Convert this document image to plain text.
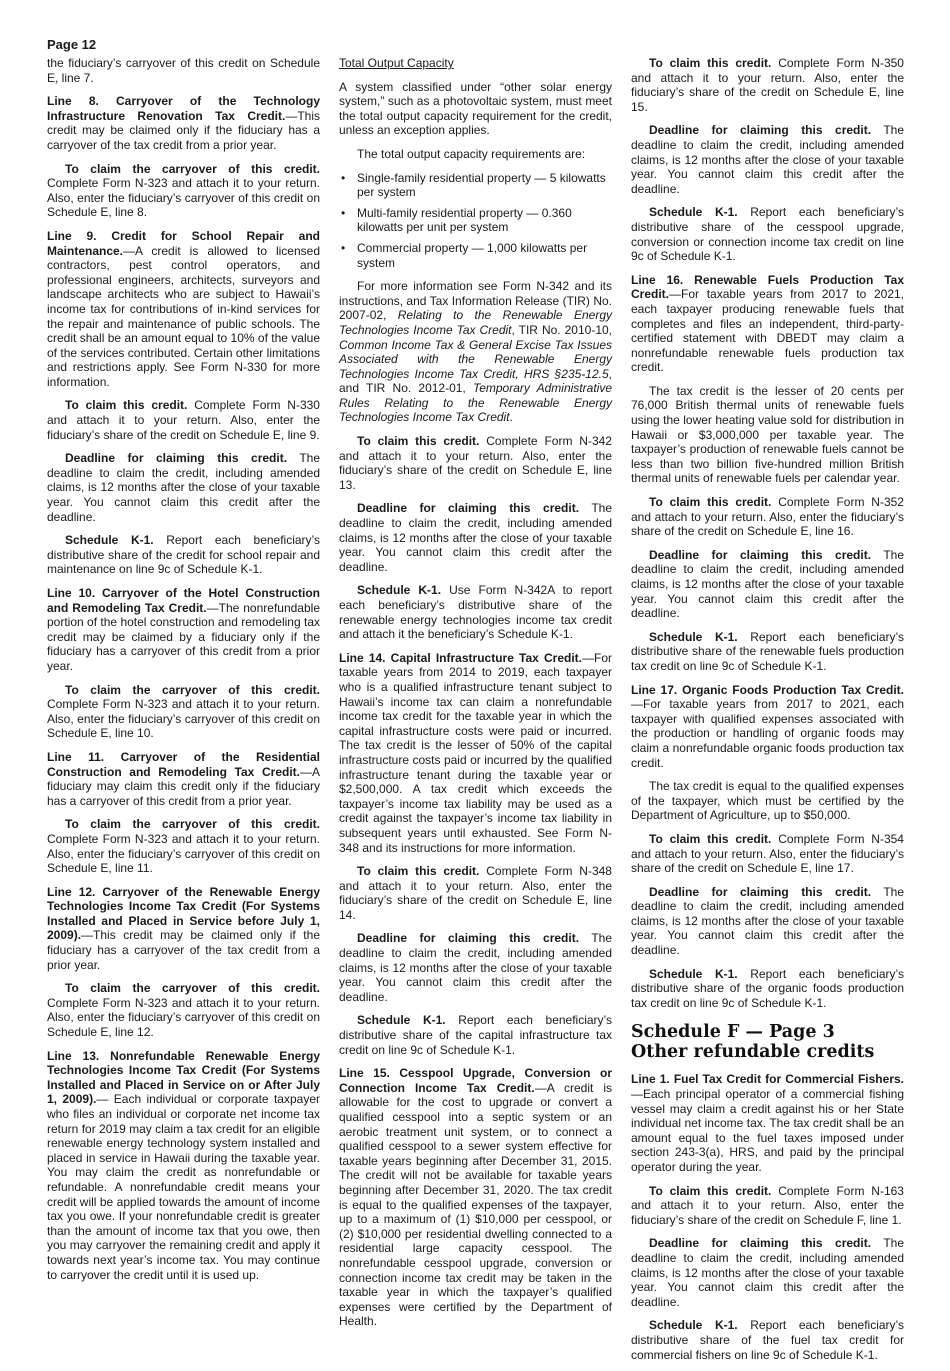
Page 12

the fiduciary’s carryover of this credit on Schedule E, line 7.

Line 8. Carryover of the Technology Infrastructure Renovation Tax Credit.—This credit may be claimed only if the fiduciary has a carryover of the tax credit from a prior year.

To claim the carryover of this credit. Complete Form N-323 and attach it to your return. Also, enter the fiduciary’s carryover of this credit on Schedule E, line 8.

Line 9. Credit for School Repair and Maintenance.—A credit is allowed to licensed contractors, pest control operators, and professional engineers, architects, surveyors and landscape architects who are subject to Hawaii’s income tax for contributions of in-kind services for the repair and maintenance of public schools. The credit shall be an amount equal to 10% of the value of the services contributed. Certain other limitations and restrictions apply. See Form N-330 for more information.

To claim this credit. Complete Form N-330 and attach it to your return. Also, enter the fiduciary’s share of the credit on Schedule E, line 9.

Deadline for claiming this credit. The deadline to claim the credit, including amended claims, is 12 months after the close of your taxable year. You cannot claim this credit after the deadline.

Schedule K-1. Report each beneficiary’s distributive share of the credit for school repair and maintenance on line 9c of Schedule K-1.

Line 10. Carryover of the Hotel Construction and Remodeling Tax Credit.—The nonrefundable portion of the hotel construction and remodeling tax credit may be claimed by a fiduciary only if the fiduciary has a carryover of this credit from a prior year.

To claim the carryover of this credit. Complete Form N-323 and attach it to your return. Also, enter the fiduciary’s carryover of this credit on Schedule E, line 10.

Line 11. Carryover of the Residential Construction and Remodeling Tax Credit.—A fiduciary may claim this credit only if the fiduciary has a carryover of this credit from a prior year.

To claim the carryover of this credit. Complete Form N-323 and attach it to your return. Also, enter the fiduciary’s carryover of this credit on Schedule E, line 11.

Line 12. Carryover of the Renewable Energy Technologies Income Tax Credit (For Systems Installed and Placed in Service before July 1, 2009).—This credit may be claimed only if the fiduciary has a carryover of the tax credit from a prior year.

To claim the carryover of this credit. Complete Form N-323 and attach it to your return. Also, enter the fiduciary’s carryover of this credit on Schedule E, line 12.

Line 13. Nonrefundable Renewable Energy Technologies Income Tax Credit (For Systems Installed and Placed in Service on or After July 1, 2009).— Each individual or corporate taxpayer who files an individual or corporate net income tax return for 2019 may claim a tax credit for an eligible renewable energy technology system installed and placed in service in Hawaii during the taxable year. You may claim the credit as nonrefundable or refundable. A nonrefundable credit means your credit will be applied towards the amount of income tax you owe. If your nonrefundable credit is greater than the amount of income tax that you owe, then you may carryover the remaining credit and apply it towards next year’s income tax. You may continue to carryover the credit until it is used up.

Total Output Capacity

A system classified under “other solar energy system,” such as a photovoltaic system, must meet the total output capacity requirement for the credit, unless an exception applies.

The total output capacity requirements are:

• Single-family residential property — 5 kilowatts per system
• Multi-family residential property — 0.360 kilowatts per unit per system
• Commercial property — 1,000 kilowatts per system

For more information see Form N-342 and its instructions, and Tax Information Release (TIR) No. 2007-02, Relating to the Renewable Energy Technologies Income Tax Credit, TIR No. 2010-10, Common Income Tax & General Excise Tax Issues Associated with the Renewable Energy Technologies Income Tax Credit, HRS §235-12.5, and TIR No. 2012-01, Temporary Administrative Rules Relating to the Renewable Energy Technologies Income Tax Credit.

To claim this credit. Complete Form N-342 and attach it to your return. Also, enter the fiduciary’s share of the credit on Schedule E, line 13.

Deadline for claiming this credit. The deadline to claim the credit, including amended claims, is 12 months after the close of your taxable year. You cannot claim this credit after the deadline.

Schedule K-1. Use Form N-342A to report each beneficiary’s distributive share of the renewable energy technologies income tax credit and attach it the beneficiary’s Schedule K-1.

Line 14. Capital Infrastructure Tax Credit.—For taxable years from 2014 to 2019, each taxpayer who is a qualified infrastructure tenant subject to Hawaii’s income tax can claim a nonrefundable income tax credit for the taxable year in which the capital infrastructure costs were paid or incurred. The tax credit is the lesser of 50% of the capital infrastructure costs paid or incurred by the qualified infrastructure tenant during the taxable year or $2,500,000. A tax credit which exceeds the taxpayer’s income tax liability may be used as a credit against the taxpayer’s income tax liability in subsequent years until exhausted. See Form N-348 and its instructions for more information.

To claim this credit. Complete Form N-348 and attach it to your return. Also, enter the fiduciary’s share of the credit on Schedule E, line 14.

Deadline for claiming this credit. The deadline to claim the credit, including amended claims, is 12 months after the close of your taxable year. You cannot claim this credit after the deadline.

Schedule K-1. Report each beneficiary’s distributive share of the capital infrastructure tax credit on line 9c of Schedule K-1.

Line 15. Cesspool Upgrade, Conversion or Connection Income Tax Credit.—A credit is allowable for the cost to upgrade or convert a qualified cesspool into a septic system or an aerobic treatment unit system, or to connect a qualified cesspool to a sewer system effective for taxable years beginning after December 31, 2015. The credit will not be available for taxable years beginning after December 31, 2020. The tax credit is equal to the qualified expenses of the taxpayer, up to a maximum of (1) $10,000 per cesspool, or (2) $10,000 per residential dwelling connected to a residential large capacity cesspool. The nonrefundable cesspool upgrade, conversion or connection income tax credit may be taken in the taxable year in which the taxpayer’s qualified expenses were certified by the Department of Health.

To claim this credit. Complete Form N-350 and attach it to your return. Also, enter the fiduciary’s share of the credit on Schedule E, line 15.

Deadline for claiming this credit. The deadline to claim the credit, including amended claims, is 12 months after the close of your taxable year. You cannot claim this credit after the deadline.

Schedule K-1. Report each beneficiary’s distributive share of the cesspool upgrade, conversion or connection income tax credit on line 9c of Schedule K-1.

Line 16. Renewable Fuels Production Tax Credit.—For taxable years from 2017 to 2021, each taxpayer producing renewable fuels that completes and files an independent, third-party-certified statement with DBEDT may claim a nonrefundable renewable fuels production tax credit.

The tax credit is the lesser of 20 cents per 76,000 British thermal units of renewable fuels using the lower heating value sold for distribution in Hawaii or $3,000,000 per taxable year. The taxpayer’s production of renewable fuels cannot be less than two billion five-hundred million British thermal units of renewable fuels per calendar year.

To claim this credit. Complete Form N-352 and attach to your return. Also, enter the fiduciary’s share of the credit on Schedule E, line 16.

Deadline for claiming this credit. The deadline to claim the credit, including amended claims, is 12 months after the close of your taxable year. You cannot claim this credit after the deadline.

Schedule K-1. Report each beneficiary’s distributive share of the renewable fuels production tax credit on line 9c of Schedule K-1.

Line 17. Organic Foods Production Tax Credit.—For taxable years from 2017 to 2021, each taxpayer with qualified expenses associated with the production or handling of organic foods may claim a nonrefundable organic foods production tax credit.

The tax credit is equal to the qualified expenses of the taxpayer, which must be certified by the Department of Agriculture, up to $50,000.

To claim this credit. Complete Form N-354 and attach to your return. Also, enter the fiduciary’s share of the credit on Schedule E, line 17.

Deadline for claiming this credit. The deadline to claim the credit, including amended claims, is 12 months after the close of your taxable year. You cannot claim this credit after the deadline.

Schedule K-1. Report each beneficiary’s distributive share of the organic foods production tax credit on line 9c of Schedule K-1.

Schedule F — Page 3
Other refundable credits

Line 1. Fuel Tax Credit for Commercial Fishers.—Each principal operator of a commercial fishing vessel may claim a credit against his or her State individual net income tax. The tax credit shall be an amount equal to the fuel taxes imposed under section 243-3(a), HRS, and paid by the principal operator during the year.

To claim this credit. Complete Form N-163 and attach it to your return. Also, enter the fiduciary’s share of the credit on Schedule F, line 1.

Deadline for claiming this credit. The deadline to claim the credit, including amended claims, is 12 months after the close of your taxable year. You cannot claim this credit after the deadline.

Schedule K-1. Report each beneficiary’s distributive share of the fuel tax credit for commercial fishers on line 9c of Schedule K-1.
